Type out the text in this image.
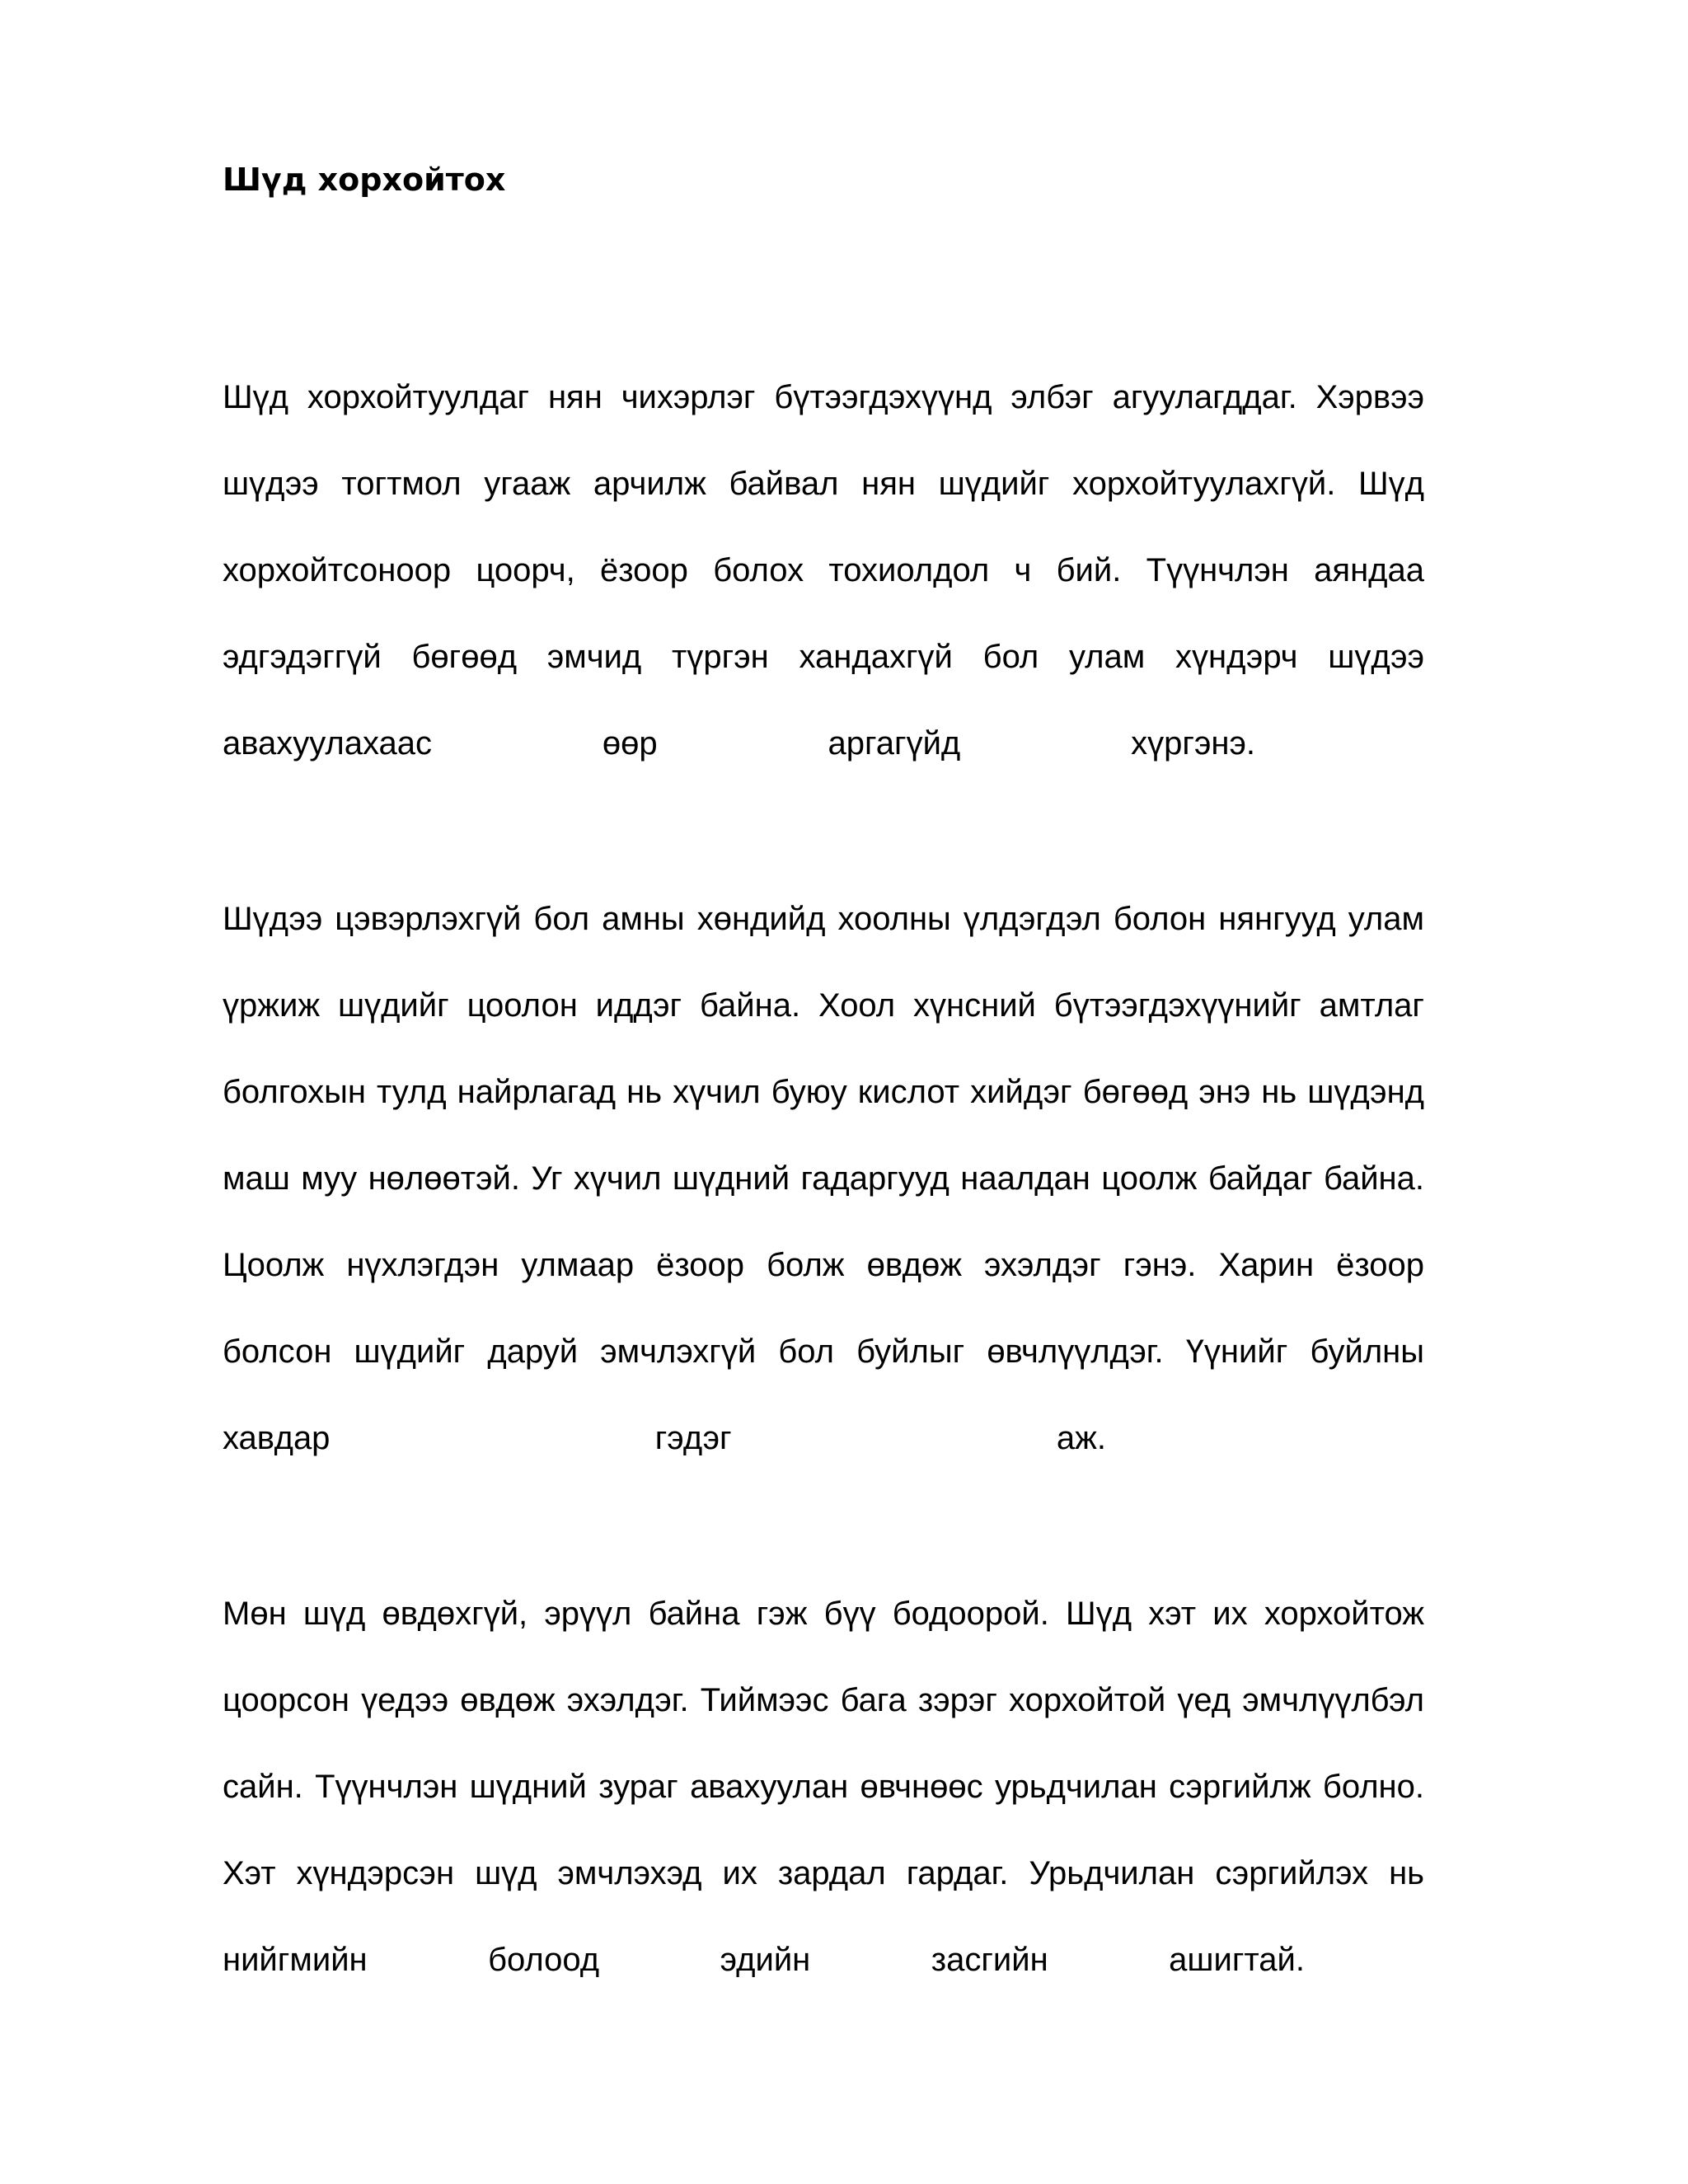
Шүд хорхойтох
Шүд хорхойтуулдаг нян чихэрлэг бүтээгдэхүүнд элбэг агуулагддаг. Хэрвээ
шүдээ тогтмол угааж арчилж байвал нян шүдийг хорхойтуулахгүй. Шүд
хорхойтсоноор цоорч, ёзоор болох тохиолдол ч бий. Түүнчлэн аяндаа
эдгэдэггүй бөгөөд эмчид түргэн хандахгүй бол улам хүндэрч шүдээ
авахуулахаас өөр аргагүйд хүргэнэ.
Шүдээ цэвэрлэхгүй бол амны хөндийд хоолны үлдэгдэл болон нянгууд улам
үржиж шүдийг цоолон иддэг байна. Хоол хүнсний бүтээгдэхүүнийг амтлаг
болгохын тулд найрлагад нь хүчил буюу кислот хийдэг бөгөөд энэ нь шүдэнд
маш муу нөлөөтэй. Уг хүчил шүдний гадаргууд наалдан цоолж байдаг байна.
Цоолж нүхлэгдэн улмаар ёзоор болж өвдөж эхэлдэг гэнэ. Харин ёзоор
болсон шүдийг даруй эмчлэхгүй бол буйлыг өвчлүүлдэг. Үүнийг буйлны
хавдар гэдэг аж.
Мөн шүд өвдөхгүй, эрүүл байна гэж бүү бодоорой. Шүд хэт их хорхойтож
цоорсон үедээ өвдөж эхэлдэг. Тиймээс бага зэрэг хорхойтой үед эмчлүүлбэл
сайн. Түүнчлэн шүдний зураг авахуулан өвчнөөс урьдчилан сэргийлж болно.
Хэт хүндэрсэн шүд эмчлэхэд их зардал гардаг. Урьдчилан сэргийлэх нь
нийгмийн болоод эдийн засгийн ашигтай.
